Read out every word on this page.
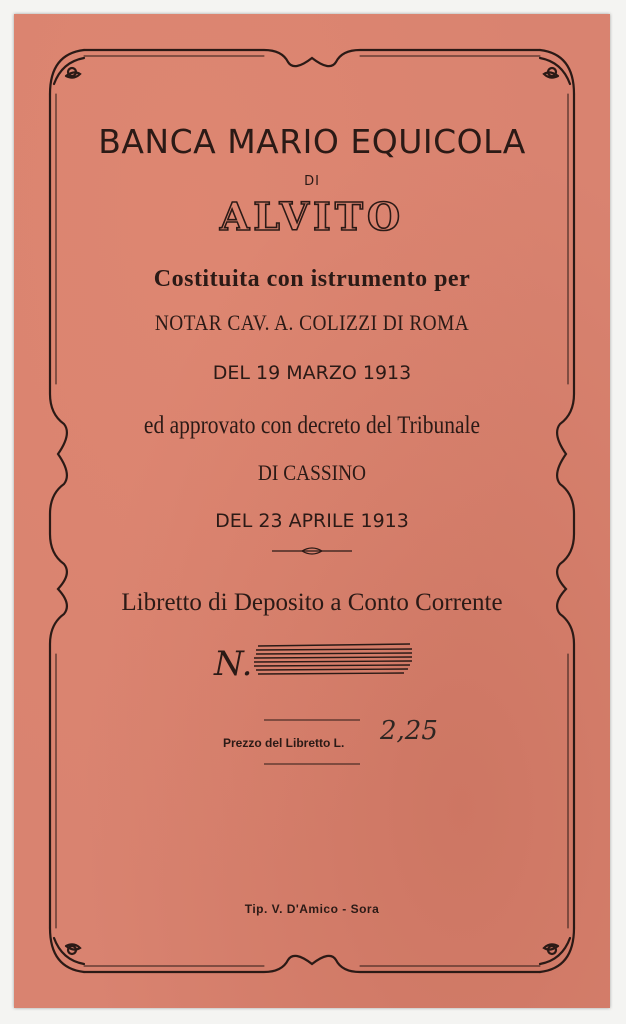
BANCA MARIO EQUICOLA
DI
ALVITO
Costituita con istrumento per
NOTAR CAV. A. COLIZZI DI ROMA
DEL 19 MARZO 1913
ed approvato con decreto del Tribunale
DI CASSINO
DEL 23 APRILE 1913
Libretto di Deposito a Conto Corrente
N.
Prezzo del Libretto L. 2,25
Tip. V. D'Amico - Sora
